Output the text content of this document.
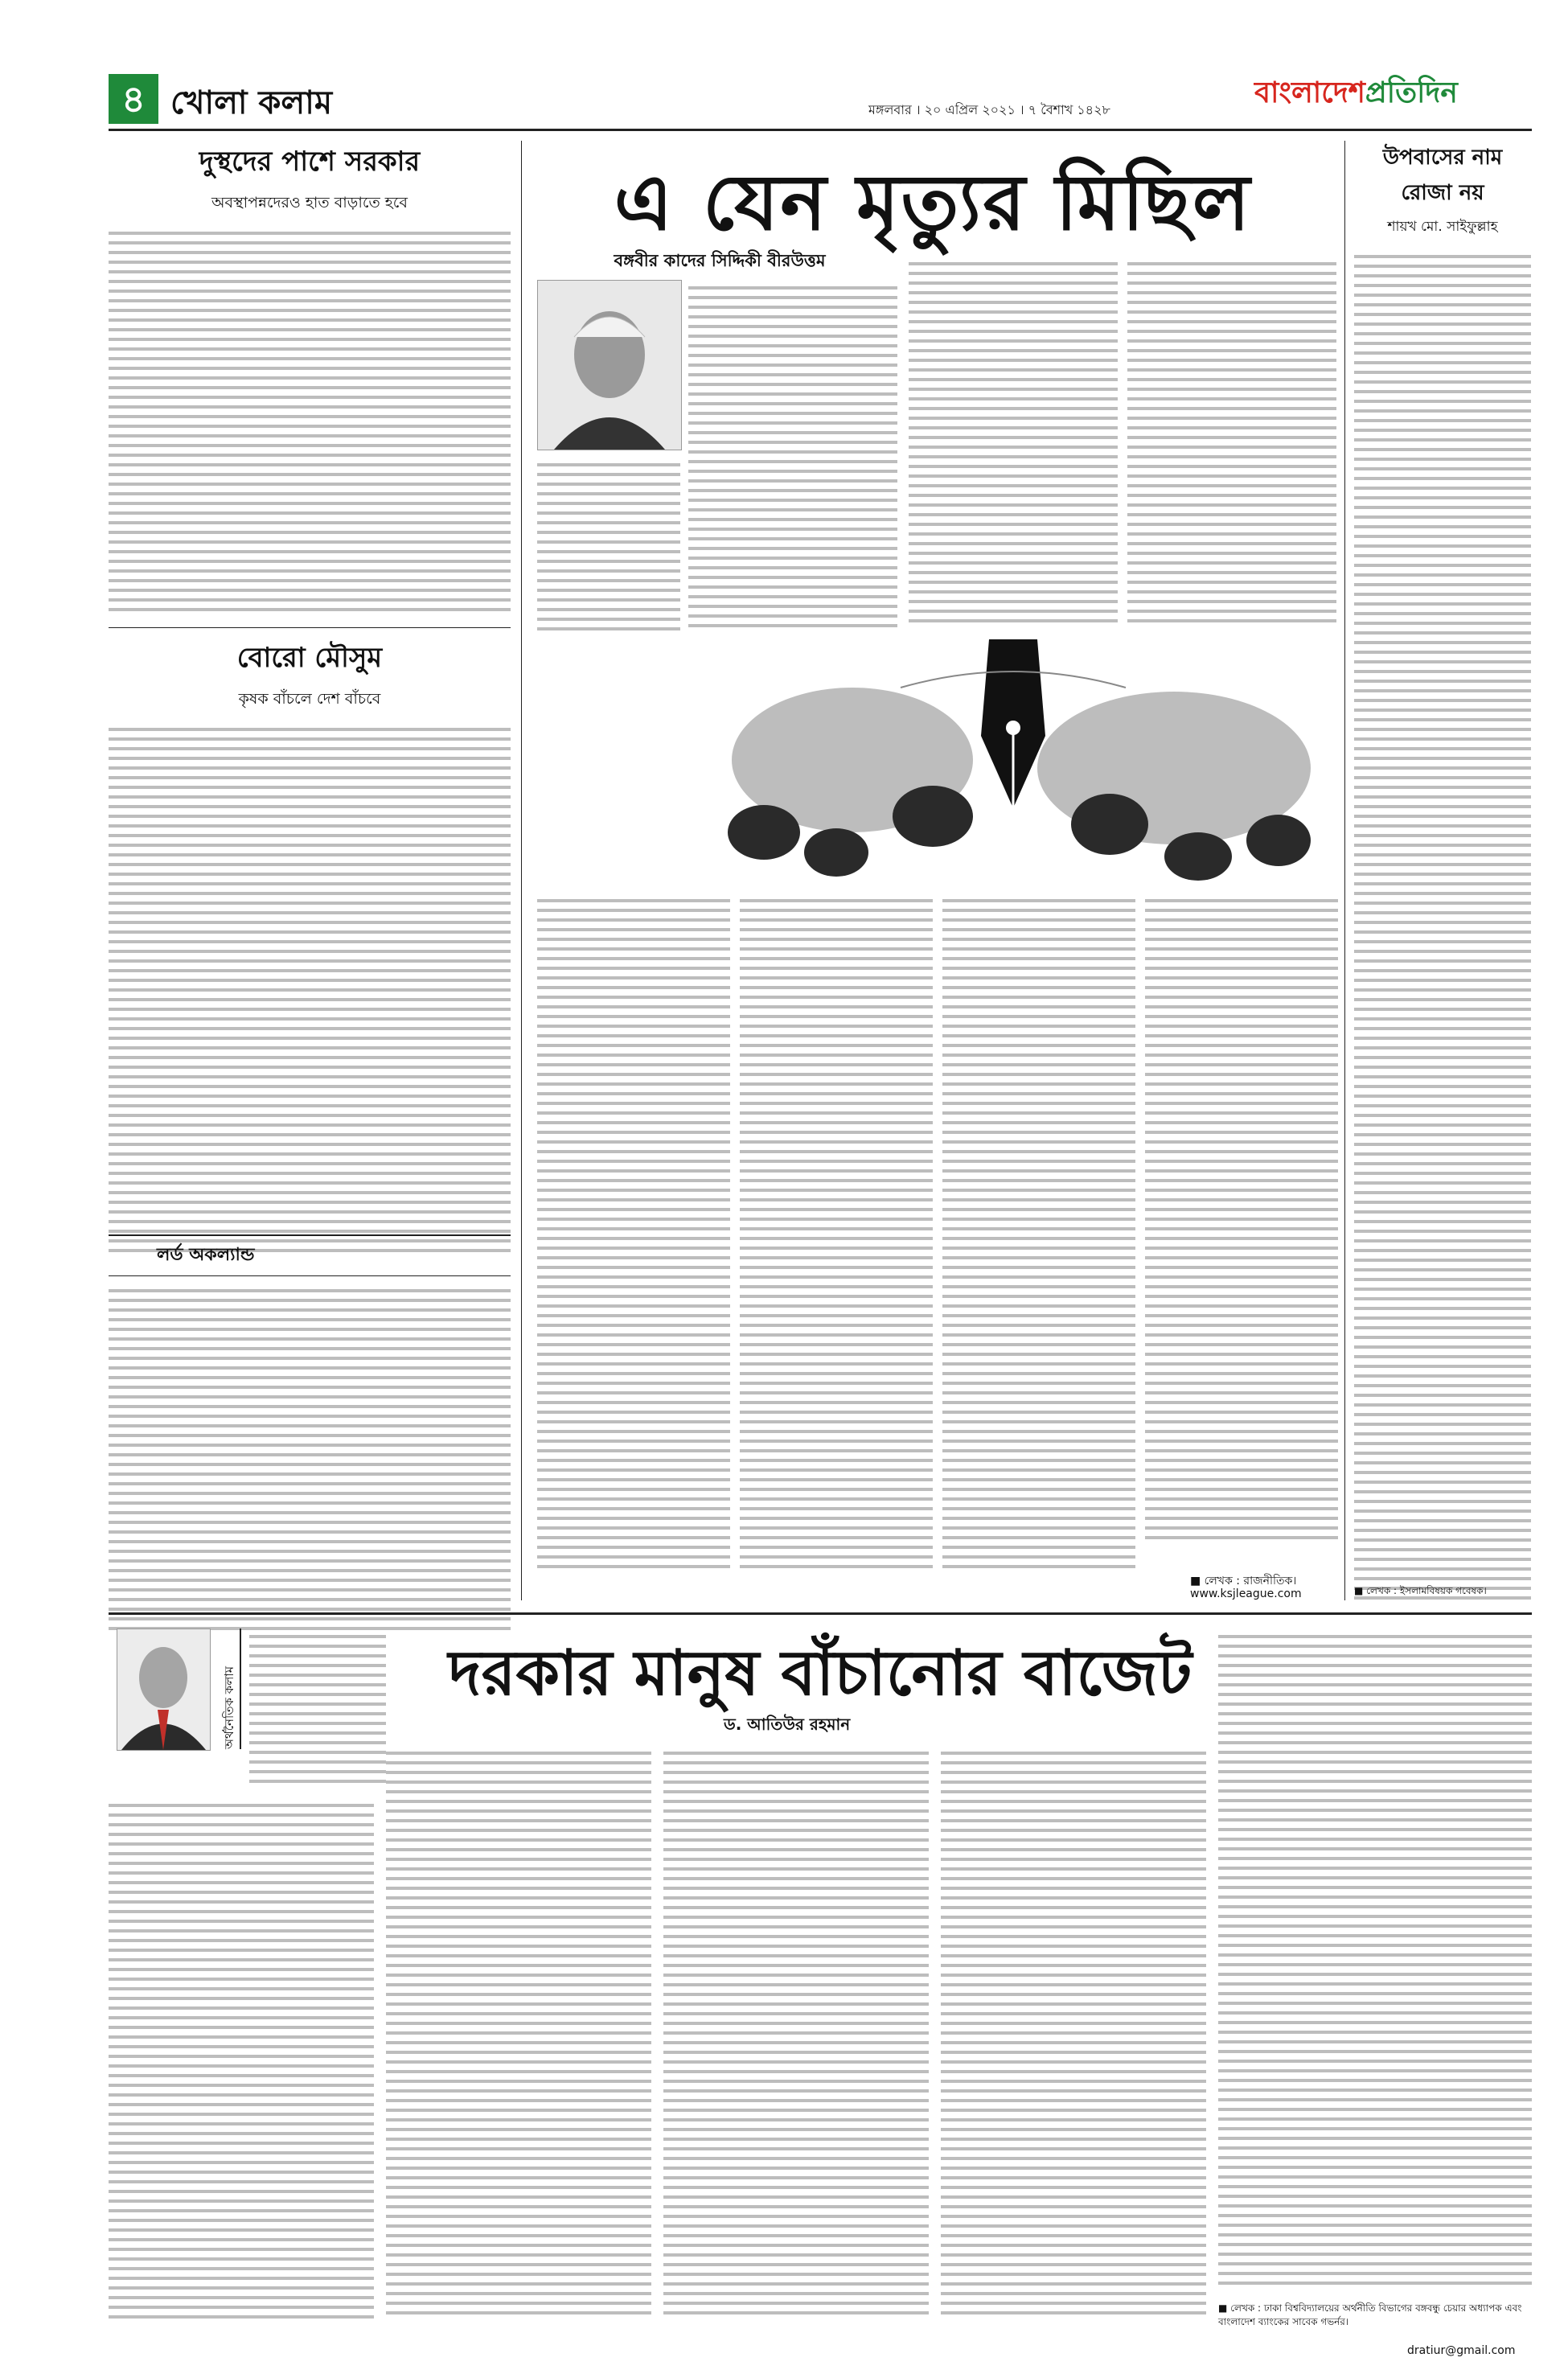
৪ খোলা কলাম	মঙ্গলবার । ২০ এপ্রিল ২০২১ । ৭ বৈশাখ ১৪২৮
বাংলাদেশপ্রতিদিন
দুস্থদের পাশে সরকার
অবস্থাপন্নদেরও হাত বাড়াতে হবে
বোরো মৌসুম
কৃষক বাঁচলে দেশ বাঁচবে
লর্ড অকল্যান্ড
এ যেন মৃত্যুর মিছিল
বঙ্গবীর কাদের সিদ্দিকী বীরউত্তম
■ লেখক : রাজনীতিক।
www.ksjleague.com
উপবাসের নাম
রোজা নয়
শায়খ মো. সাইফুল্লাহ
■ লেখক : ইসলামবিষয়ক গবেষক।
অর্থনৈতিক কলাম	দরকার মানুষ বাঁচানোর বাজেট
ড. আতিউর রহমান
■ লেখক : ঢাকা বিশ্ববিদ্যালয়ের অর্থনীতি বিভাগের বঙ্গবন্ধু চেয়ার অধ্যাপক এবং বাংলাদেশ ব্যাংকের সাবেক গভর্নর।
dratiur@gmail.com
